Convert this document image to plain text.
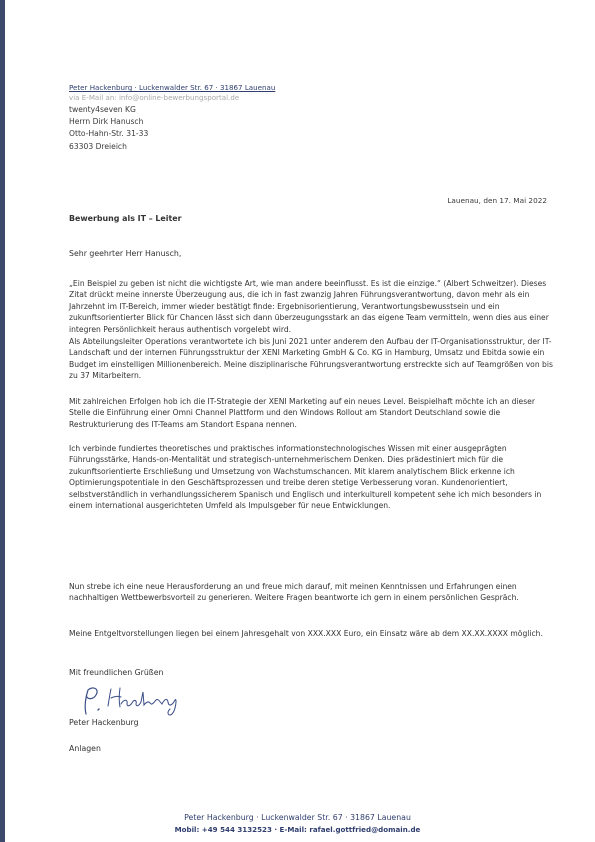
Peter Hackenburg · Luckenwalder Str. 67 · 31867 Lauenau
via E-Mail an: info@online-bewerbungsportal.de
twenty4seven KG
Herrn Dirk Hanusch
Otto-Hahn-Str. 31-33
63303 Dreieich
Lauenau, den 17. Mai 2022
Bewerbung als IT – Leiter
Sehr geehrter Herr Hanusch,

„Ein Beispiel zu geben ist nicht die wichtigste Art, wie man andere beeinflusst. Es ist die einzige.“ (Albert Schweitzer). Dieses Zitat drückt meine innerste Überzeugung aus, die ich in fast zwanzig Jahren Führungsverantwortung, davon mehr als ein Jahrzehnt im IT-Bereich, immer wieder bestätigt finde: Ergebnisorientierung, Verantwortungsbewusstsein und ein zukunftsorientierter Blick für Chancen lässt sich dann überzeugungsstark an das eigene Team vermitteln, wenn dies aus einer integren Persönlichkeit heraus authentisch vorgelebt wird.

Als Abteilungsleiter Operations verantwortete ich bis Juni 2021 unter anderem den Aufbau der IT-Organisationsstruktur, der IT-Landschaft und der internen Führungsstruktur der XENI Marketing GmbH & Co. KG in Hamburg, Umsatz und Ebitda sowie ein Budget im einstelligen Millionenbereich. Meine disziplinarische Führungsverantwortung erstreckte sich auf Teamgrößen von bis zu 37 Mitarbeitern.

Mit zahlreichen Erfolgen hob ich die IT-Strategie der XENI Marketing auf ein neues Level. Beispielhaft möchte ich an dieser Stelle die Einführung einer Omni Channel Plattform und den Windows Rollout am Standort Deutschland sowie die Restrukturierung des IT-Teams am Standort Espana nennen.

Ich verbinde fundiertes theoretisches und praktisches informationstechnologisches Wissen mit einer ausgeprägten Führungsstärke, Hands-on-Mentalität und strategisch-unternehmerischem Denken. Dies prädestiniert mich für die zukunftsorientierte Erschließung und Umsetzung von Wachstumschancen. Mit klarem analytischem Blick erkenne ich Optimierungspotentiale in den Geschäftsprozessen und treibe deren stetige Verbesserung voran. Kundenorientiert, selbstverständlich in verhandlungssicherem Spanisch und Englisch und interkulturell kompetent sehe ich mich besonders in einem international ausgerichteten Umfeld als Impulsgeber für neue Entwicklungen.

Nun strebe ich eine neue Herausforderung an und freue mich darauf, mit meinen Kenntnissen und Erfahrungen einen nachhaltigen Wettbewerbsvorteil zu generieren. Weitere Fragen beantworte ich gern in einem persönlichen Gespräch.

Meine Entgeltvorstellungen liegen bei einem Jahresgehalt von XXX.XXX Euro, ein Einsatz wäre ab dem XX.XX.XXXX möglich.

Mit freundlichen Grüßen
Peter Hackenburg
Anlagen
Peter Hackenburg · Luckenwalder Str. 67 · 31867 Lauenau
Mobil: +49 544 3132523 · E-Mail: rafael.gottfried@domain.de
